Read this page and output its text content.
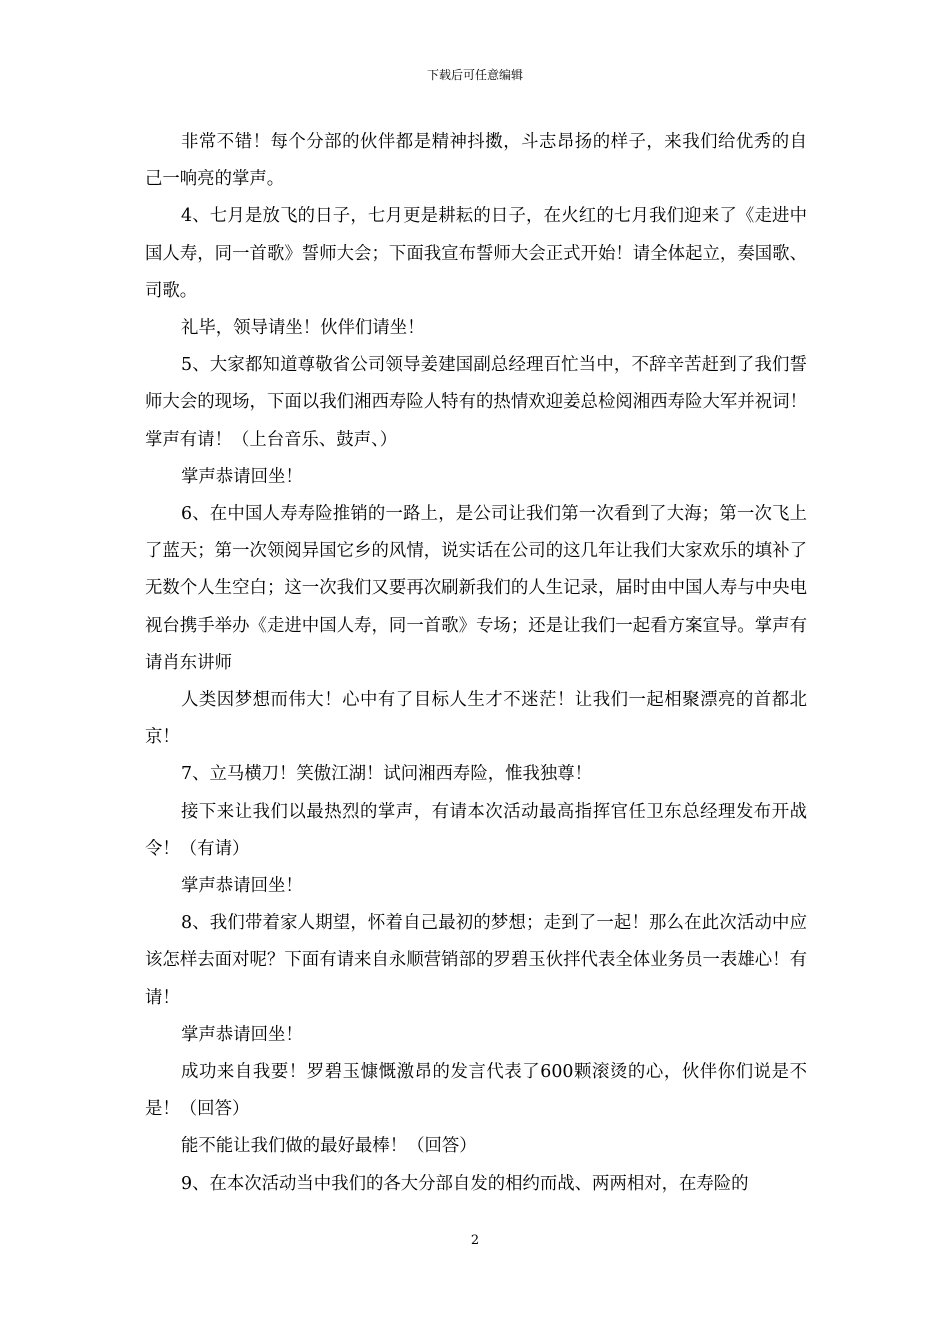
下载后可任意编辑

非常不错！每个分部的伙伴都是精神抖擞，斗志昂扬的样子，来我们给优秀的自己一响亮的掌声。

4、七月是放飞的日子，七月更是耕耘的日子，在火红的七月我们迎来了《走进中国人寿，同一首歌》誓师大会；下面我宣布誓师大会正式开始！请全体起立，奏国歌、司歌。

礼毕，领导请坐！伙伴们请坐！

5、大家都知道尊敬省公司领导姜建国副总经理百忙当中，不辞辛苦赶到了我们誓师大会的现场，下面以我们湘西寿险人特有的热情欢迎姜总检阅湘西寿险大军并祝词！掌声有请！（上台音乐、鼓声、）

掌声恭请回坐！

6、在中国人寿寿险推销的一路上，是公司让我们第一次看到了大海；第一次飞上了蓝天；第一次领阅异国它乡的风情，说实话在公司的这几年让我们大家欢乐的填补了无数个人生空白；这一次我们又要再次刷新我们的人生记录，届时由中国人寿与中央电视台携手举办《走进中国人寿，同一首歌》专场；还是让我们一起看方案宣导。掌声有请肖东讲师

人类因梦想而伟大！心中有了目标人生才不迷茫！让我们一起相聚漂亮的首都北京！

7、立马横刀！笑傲江湖！试问湘西寿险，惟我独尊！

接下来让我们以最热烈的掌声，有请本次活动最高指挥官任卫东总经理发布开战令！（有请）

掌声恭请回坐！

8、我们带着家人期望，怀着自己最初的梦想；走到了一起！那么在此次活动中应该怎样去面对呢？下面有请来自永顺营销部的罗碧玉伙拌代表全体业务员一表雄心！有请！

掌声恭请回坐！

成功来自我要！罗碧玉慷慨激昂的发言代表了600颗滚烫的心，伙伴你们说是不是！（回答）

能不能让我们做的最好最棒！（回答）

9、在本次活动当中我们的各大分部自发的相约而战、两两相对，在寿险的

2
